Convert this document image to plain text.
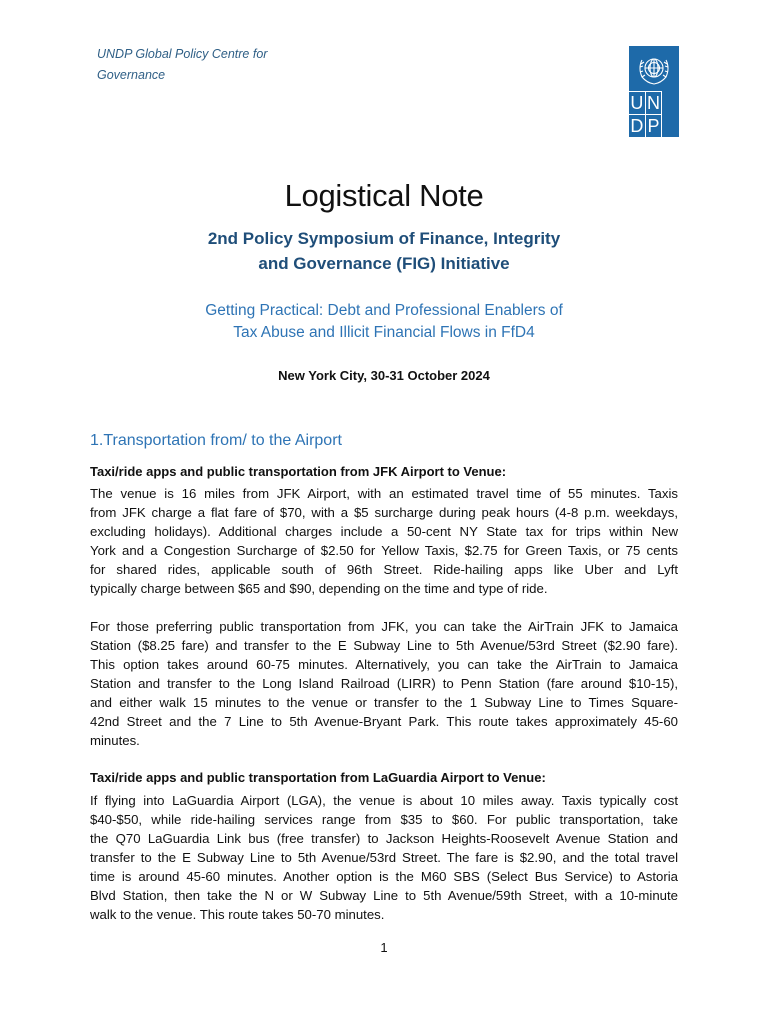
UNDP Global Policy Centre for
Governance
U N
D P
Logistical Note
2nd Policy Symposium of Finance, Integrity
and Governance (FIG) Initiative
Getting Practical: Debt and Professional Enablers of
Tax Abuse and Illicit Financial Flows in FfD4
New York City, 30-31 October 2024
1.Transportation from/ to the Airport
Taxi/ride apps and public transportation from JFK Airport to Venue:
The venue is 16 miles from JFK Airport, with an estimated travel time of 55 minutes. Taxis
from JFK charge a flat fare of $70, with a $5 surcharge during peak hours (4-8 p.m. weekdays,
excluding holidays). Additional charges include a 50-cent NY State tax for trips within New
York and a Congestion Surcharge of $2.50 for Yellow Taxis, $2.75 for Green Taxis, or 75 cents
for shared rides, applicable south of 96th Street. Ride-hailing apps like Uber and Lyft
typically charge between $65 and $90, depending on the time and type of ride.
For those preferring public transportation from JFK, you can take the AirTrain JFK to Jamaica
Station ($8.25 fare) and transfer to the E Subway Line to 5th Avenue/53rd Street ($2.90 fare).
This option takes around 60-75 minutes. Alternatively, you can take the AirTrain to Jamaica
Station and transfer to the Long Island Railroad (LIRR) to Penn Station (fare around $10-15),
and either walk 15 minutes to the venue or transfer to the 1 Subway Line to Times Square-
42nd Street and the 7 Line to 5th Avenue-Bryant Park. This route takes approximately 45-60
minutes.
Taxi/ride apps and public transportation from LaGuardia Airport to Venue:
If flying into LaGuardia Airport (LGA), the venue is about 10 miles away. Taxis typically cost
$40-$50, while ride-hailing services range from $35 to $60. For public transportation, take
the Q70 LaGuardia Link bus (free transfer) to Jackson Heights-Roosevelt Avenue Station and
transfer to the E Subway Line to 5th Avenue/53rd Street. The fare is $2.90, and the total travel
time is around 45-60 minutes. Another option is the M60 SBS (Select Bus Service) to Astoria
Blvd Station, then take the N or W Subway Line to 5th Avenue/59th Street, with a 10-minute
walk to the venue. This route takes 50-70 minutes.
1
